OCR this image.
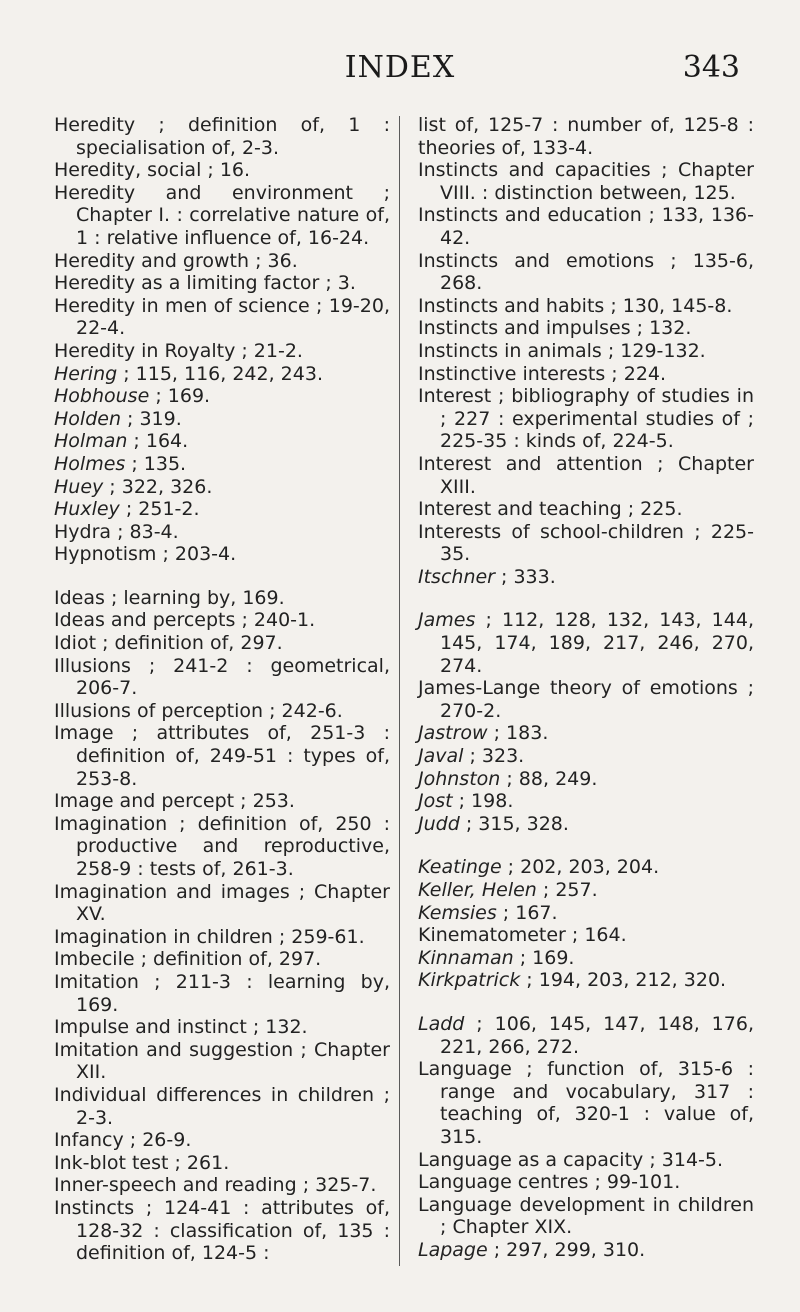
INDEX	343

Heredity ; definition of, 1 : specialisation of, 2-3.

Heredity, social ; 16.

Heredity and environment ; Chapter I. : correlative nature of, 1 : relative influence of, 16-24.

Heredity and growth ; 36.

Heredity as a limiting factor ; 3.

Heredity in men of science ; 19-20, 22-4.

Heredity in Royalty ; 21-2.

Hering ; 115, 116, 242, 243.

Hobhouse ; 169.

Holden ; 319.

Holman ; 164.

Holmes ; 135.

Huey ; 322, 326.

Huxley ; 251-2.

Hydra ; 83-4.

Hypnotism ; 203-4.

Ideas ; learning by, 169.

Ideas and percepts ; 240-1.

Idiot ; definition of, 297.

Illusions ; 241-2 : geometrical, 206-7.

Illusions of perception ; 242-6.

Image ; attributes of, 251-3 : definition of, 249-51 : types of, 253-8.

Image and percept ; 253.

Imagination ; definition of, 250 : productive and reproductive, 258-9 : tests of, 261-3.

Imagination and images ; Chapter XV.

Imagination in children ; 259-61.

Imbecile ; definition of, 297.

Imitation ; 211-3 : learning by, 169.

Impulse and instinct ; 132.

Imitation and suggestion ; Chapter XII.

Individual differences in children ; 2-3.

Infancy ; 26-9.

Ink-blot test ; 261.

Inner-speech and reading ; 325-7.

Instincts ; 124-41 : attributes of, 128-32 : classification of, 135 : definition of, 124-5 :

list of, 125-7 : number of, 125-8 : theories of, 133-4.

Instincts and capacities ; Chapter VIII. : distinction between, 125.

Instincts and education ; 133, 136-42.

Instincts and emotions ; 135-6, 268.

Instincts and habits ; 130, 145-8.

Instincts and impulses ; 132.

Instincts in animals ; 129-132.

Instinctive interests ; 224.

Interest ; bibliography of studies in ; 227 : experimental studies of ; 225-35 : kinds of, 224-5.

Interest and attention ; Chapter XIII.

Interest and teaching ; 225.

Interests of school-children ; 225-35.

Itschner ; 333.

James ; 112, 128, 132, 143, 144, 145, 174, 189, 217, 246, 270, 274.

James-Lange theory of emotions ; 270-2.

Jastrow ; 183.

Javal ; 323.

Johnston ; 88, 249.

Jost ; 198.

Judd ; 315, 328.

Keatinge ; 202, 203, 204.

Keller, Helen ; 257.

Kemsies ; 167.

Kinematometer ; 164.

Kinnaman ; 169.

Kirkpatrick ; 194, 203, 212, 320.

Ladd ; 106, 145, 147, 148, 176, 221, 266, 272.

Language ; function of, 315-6 : range and vocabulary, 317 : teaching of, 320-1 : value of, 315.

Language as a capacity ; 314-5.

Language centres ; 99-101.

Language development in children ; Chapter XIX.

Lapage ; 297, 299, 310.
